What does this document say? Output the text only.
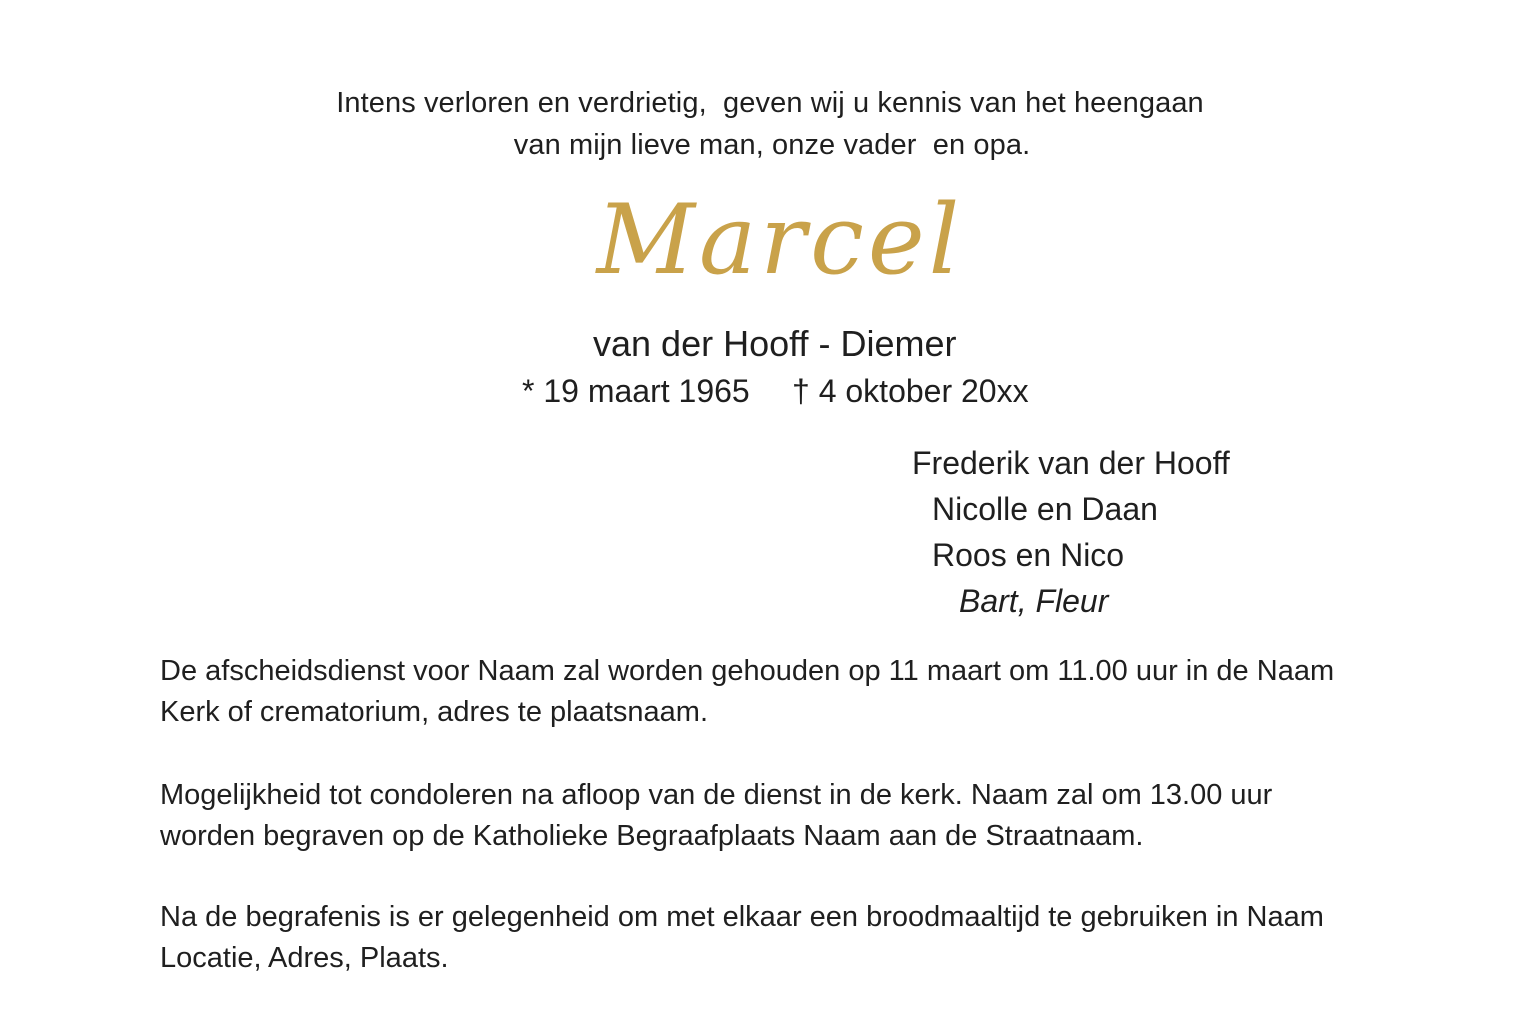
Intens verloren en verdrietig,  geven wij u kennis van het heengaan
van mijn lieve man, onze vader  en opa.
Marcel
van der Hooff - Diemer

* 19 maart 1965

† 4 oktober 20xx

Frederik van der Hooff
Nicolle en Daan
Roos en Nico
Bart, Fleur
De afscheidsdienst voor Naam zal worden gehouden op 11 maart om 11.00 uur in de Naam Kerk of crematorium, adres te plaatsnaam.
Mogelijkheid tot condoleren na afloop van de dienst in de kerk. Naam zal om 13.00 uur worden begraven op de Katholieke Begraafplaats Naam aan de Straatnaam.
Na de begrafenis is er gelegenheid om met elkaar een broodmaaltijd te gebruiken in Naam Locatie, Adres, Plaats.
